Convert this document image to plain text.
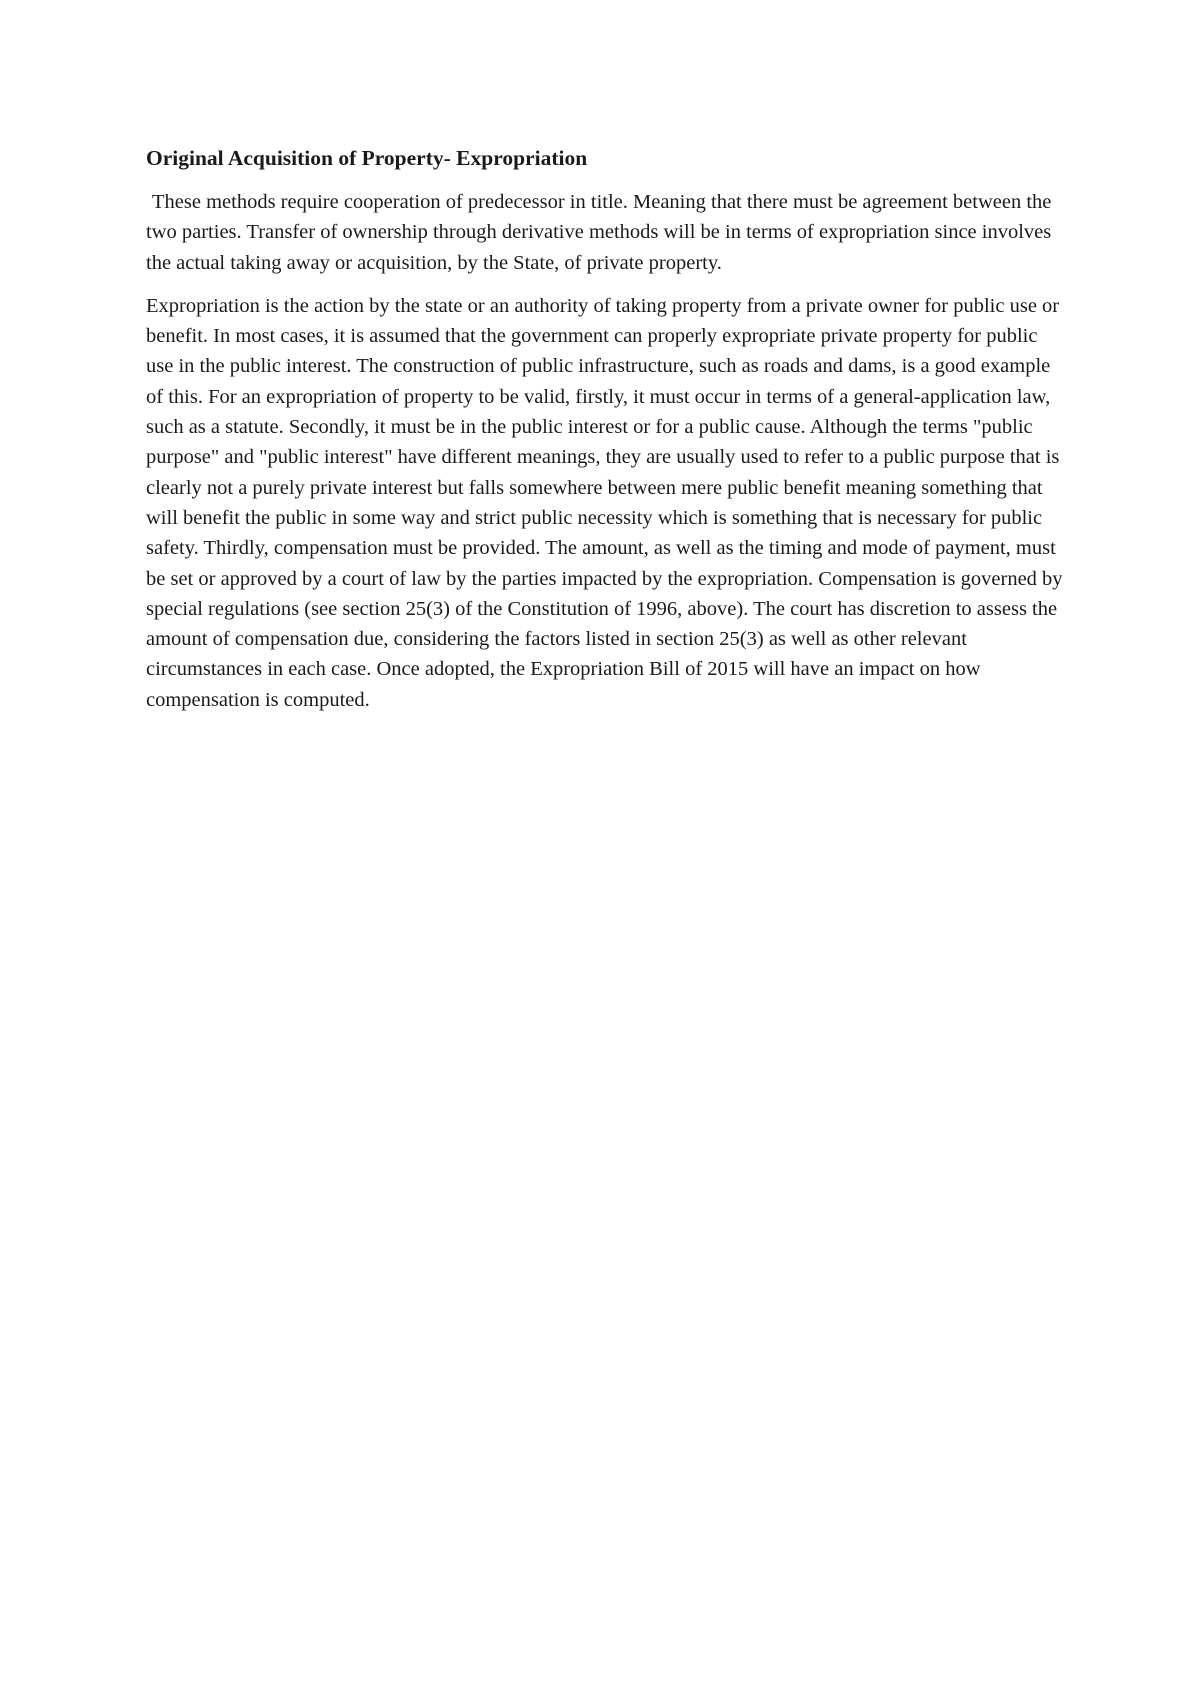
Original Acquisition of Property- Expropriation

These methods require cooperation of predecessor in title. Meaning that there must be agreement between the two parties. Transfer of ownership through derivative methods will be in terms of expropriation since involves the actual taking away or acquisition, by the State, of private property.

Expropriation is the action by the state or an authority of taking property from a private owner for public use or benefit. In most cases, it is assumed that the government can properly expropriate private property for public use in the public interest. The construction of public infrastructure, such as roads and dams, is a good example of this. For an expropriation of property to be valid, firstly, it must occur in terms of a general-application law, such as a statute. Secondly, it must be in the public interest or for a public cause. Although the terms "public purpose" and "public interest" have different meanings, they are usually used to refer to a public purpose that is clearly not a purely private interest but falls somewhere between mere public benefit meaning something that will benefit the public in some way and strict public necessity which is something that is necessary for public safety. Thirdly, compensation must be provided. The amount, as well as the timing and mode of payment, must be set or approved by a court of law by the parties impacted by the expropriation. Compensation is governed by special regulations (see section 25(3) of the Constitution of 1996, above). The court has discretion to assess the amount of compensation due, considering the factors listed in section 25(3) as well as other relevant circumstances in each case. Once adopted, the Expropriation Bill of 2015 will have an impact on how compensation is computed.
